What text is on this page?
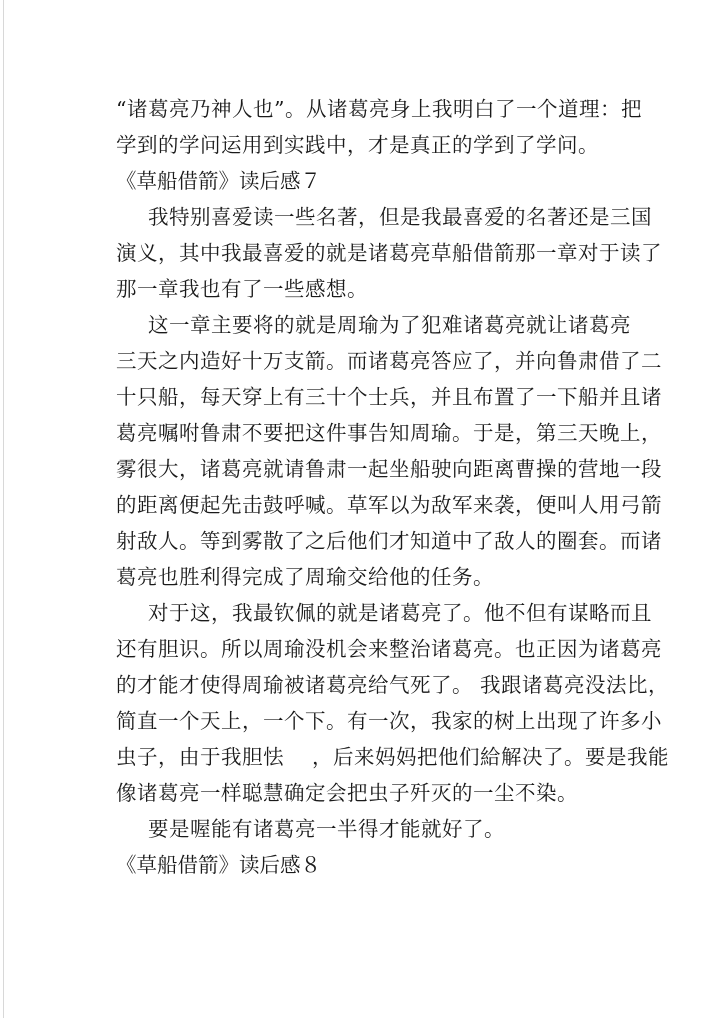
“诸葛亮乃神人也”。从诸葛亮身上我明白了一个道理：把
学到的学问运用到实践中，才是真正的学到了学问。
《草船借箭》读后感７
我特别喜爱读一些名著，但是我最喜爱的名著还是三国
演义，其中我最喜爱的就是诸葛亮草船借箭那一章对于读了
那一章我也有了一些感想。
这一章主要将的就是周瑜为了犯难诸葛亮就让诸葛亮
三天之内造好十万支箭。而诸葛亮答应了，并向鲁肃借了二
十只船，每天穿上有三十个士兵，并且布置了一下船并且诸
葛亮嘱咐鲁肃不要把这件事告知周瑜。于是，第三天晚上，
雾很大，诸葛亮就请鲁肃一起坐船驶向距离曹操的营地一段
的距离便起先击鼓呼喊。草军以为敌军来袭，便叫人用弓箭
射敌人。等到雾散了之后他们才知道中了敌人的圈套。而诸
葛亮也胜利得完成了周瑜交给他的任务。
对于这，我最钦佩的就是诸葛亮了。他不但有谋略而且
还有胆识。所以周瑜没机会来整治诸葛亮。也正因为诸葛亮
的才能才使得周瑜被诸葛亮给气死了。 我跟诸葛亮没法比，
简直一个天上，一个下。有一次，我家的树上出现了许多小
虫子，由于我胆怯　 ，后来妈妈把他们給解决了。要是我能
像诸葛亮一样聪慧确定会把虫子歼灭的一尘不染。
要是喔能有诸葛亮一半得才能就好了。
《草船借箭》读后感８
